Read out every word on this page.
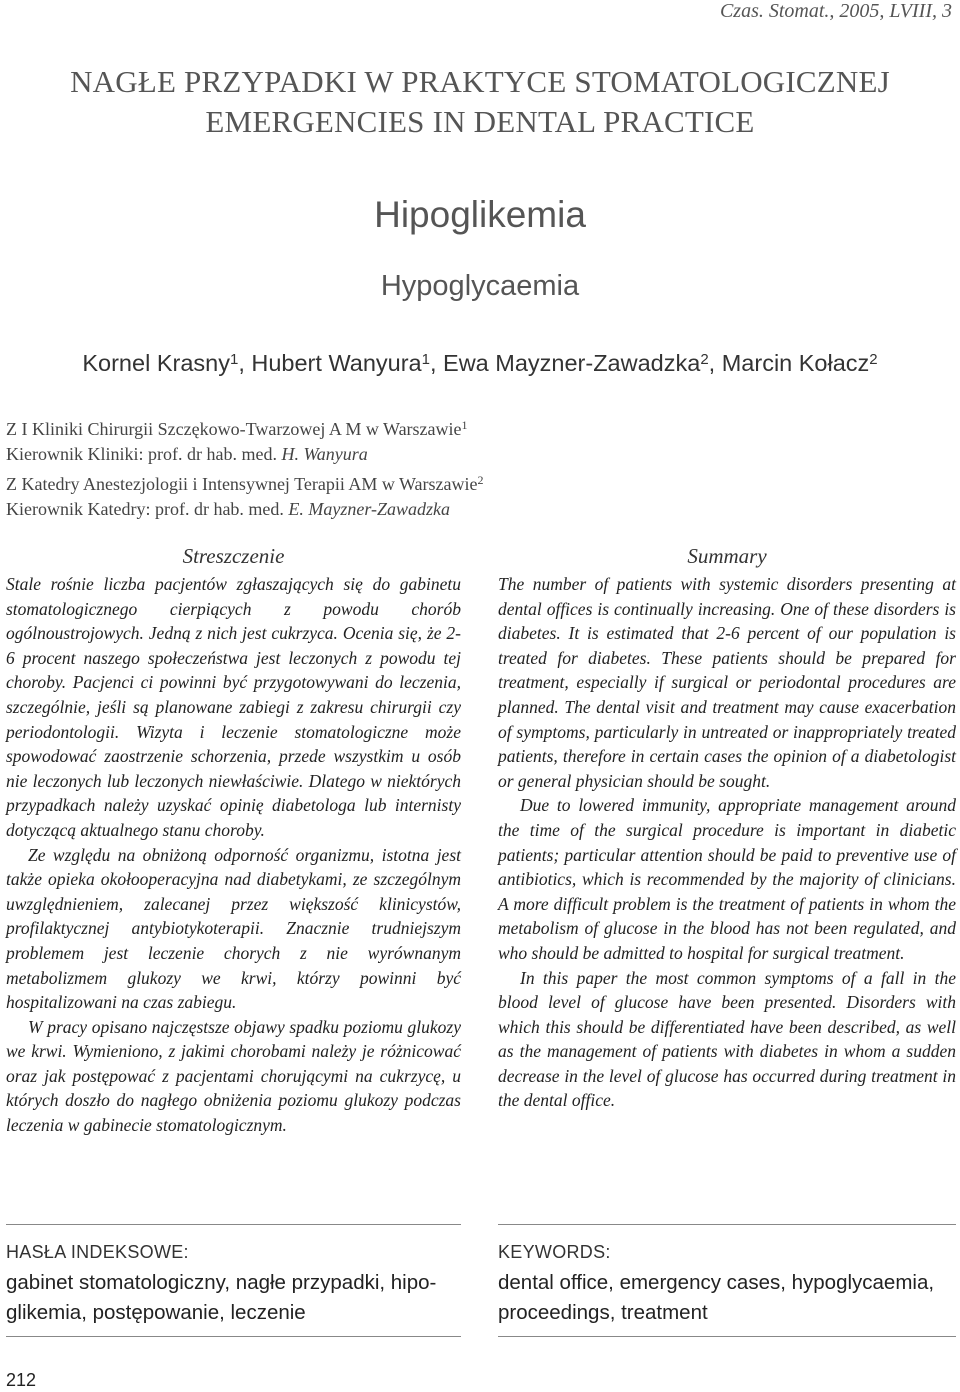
Czas. Stomat., 2005, LVIII, 3
NAGŁE PRZYPADKI W PRAKTYCE STOMATOLOGICZNEJ
EMERGENCIES IN DENTAL PRACTICE
Hipoglikemia
Hypoglycaemia
Kornel Krasny$^1$, Hubert Wanyura$^1$, Ewa Mayzner-Zawadzka$^2$, Marcin Kołacz$^2$
Z I Kliniki Chirurgii Szczękowo-Twarzowej A M w Warszawie$^1$
Kierownik Kliniki: prof. dr hab. med. H. Wanyura
Z Katedry Anestezjologii i Intensywnej Terapii AM w Warszawie$^2$
Kierownik Katedry: prof. dr hab. med. E. Mayzner-Zawadzka
Streszczenie

Stale rośnie liczba pacjentów zgłaszających się do gabinetu stomatologicznego cierpiących z powodu chorób ogólnoustrojowych. Jedną z nich jest cukrzyca. Ocenia się, że 2-6 procent naszego społeczeństwa jest leczonych z powodu tej choroby. Pacjenci ci powinni być przygotowywani do leczenia, szczególnie, jeśli są planowane zabiegi z zakresu chirurgii czy periodontologii. Wizyta i leczenie stomatologiczne może spowodować zaostrzenie schorzenia, przede wszystkim u osób nie leczonych lub leczonych niewłaściwie. Dlatego w niektórych przypadkach należy uzyskać opinię diabetologa lub internisty dotyczącą aktualnego stanu choroby.

Ze względu na obniżoną odporność organizmu, istotna jest także opieka okołooperacyjna nad diabetykami, ze szczególnym uwzględnieniem, zalecanej przez większość klinicystów, profilaktycznej antybiotykoterapii. Znacznie trudniejszym problemem jest leczenie chorych z nie wyrównanym metabolizmem glukozy we krwi, którzy powinni być hospitalizowani na czas zabiegu.

W pracy opisano najczęstsze objawy spadku poziomu glukozy we krwi. Wymieniono, z jakimi chorobami należy je różnicować oraz jak postępować z pacjentami chorującymi na cukrzycę, u których doszło do nagłego obniżenia poziomu glukozy podczas leczenia w gabinecie stomatologicznym.

Summary

The number of patients with systemic disorders presenting at dental offices is continually increasing. One of these disorders is diabetes. It is estimated that 2-6 percent of our population is treated for diabetes. These patients should be prepared for treatment, especially if surgical or periodontal procedures are planned. The dental visit and treatment may cause exacerbation of symptoms, particularly in untreated or inappropriately treated patients, therefore in certain cases the opinion of a diabetologist or general physician should be sought.

Due to lowered immunity, appropriate management around the time of the surgical procedure is important in diabetic patients; particular attention should be paid to preventive use of antibiotics, which is recommended by the majority of clinicians. A more difficult problem is the treatment of patients in whom the metabolism of glucose in the blood has not been regulated, and who should be admitted to hospital for surgical treatment.

In this paper the most common symptoms of a fall in the blood level of glucose have been presented. Disorders with which this should be differentiated have been described, as well as the management of patients with diabetes in whom a sudden decrease in the level of glucose has occurred during treatment in the dental office.

HASŁA INDEKSOWE:
gabinet stomatologiczny, nagłe przypadki, hipo-
glikemia, postępowanie, leczenie
KEYWORDS:
dental office, emergency cases, hypoglycaemia,
proceedings, treatment
212
